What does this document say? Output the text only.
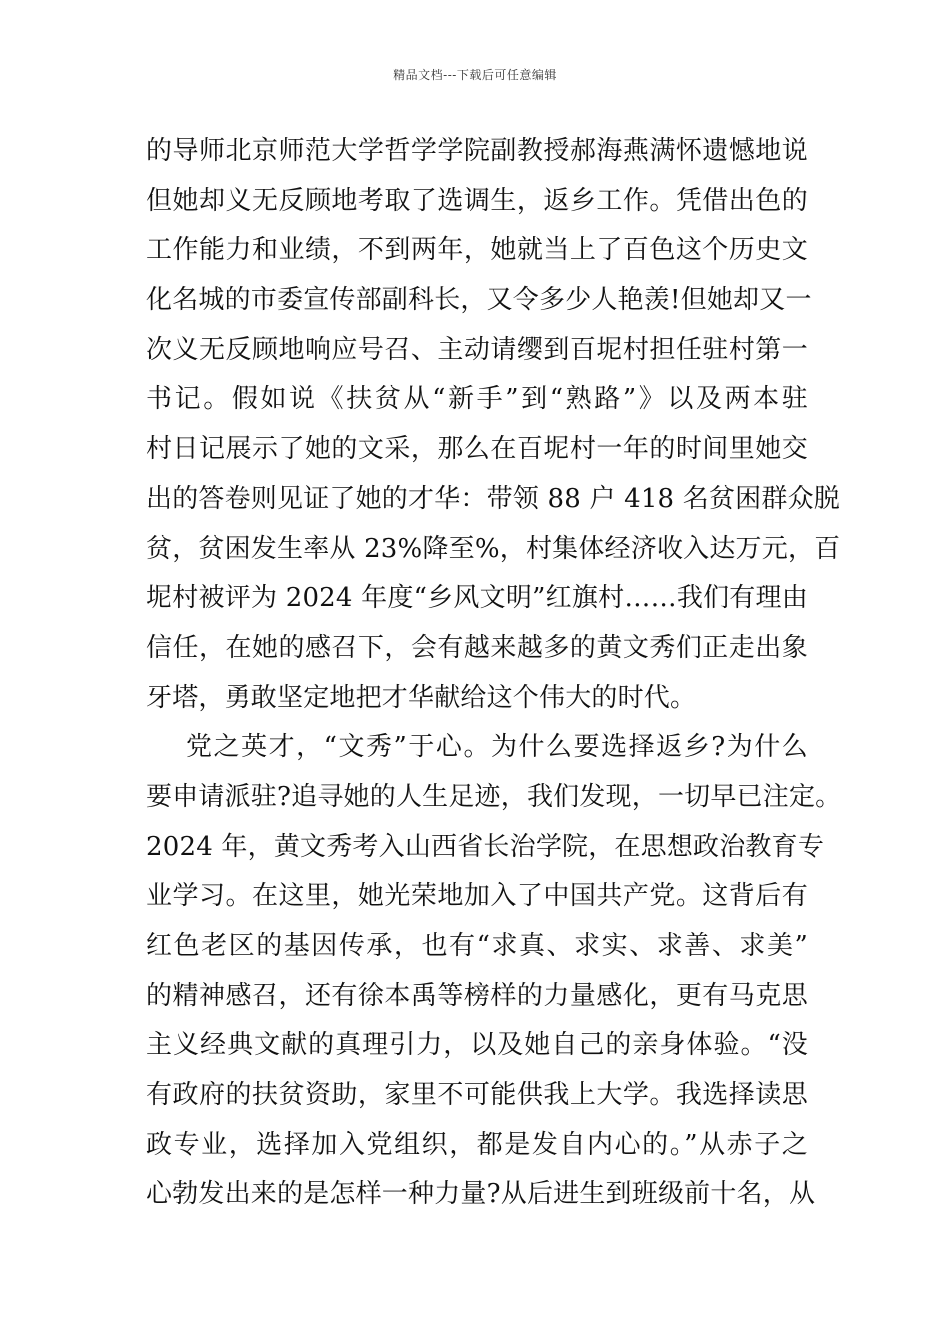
精品文档---下载后可任意编辑
的导师北京师范大学哲学学院副教授郝海燕满怀遗憾地说
但她却义无反顾地考取了选调生，返乡工作。凭借出色的
工作能力和业绩，不到两年，她就当上了百色这个历史文
化名城的市委宣传部副科长，又令多少人艳羡!但她却又一
次义无反顾地响应号召、主动请缨到百坭村担任驻村第一
书记。假如说《扶贫从“新手”到“熟路”》以及两本驻
村日记展示了她的文采，那么在百坭村一年的时间里她交
出的答卷则见证了她的才华：带领 88 户 418 名贫困群众脱
贫，贫困发生率从 23%降至%，村集体经济收入达万元，百
坭村被评为 2024 年度“乡风文明”红旗村……我们有理由
信任，在她的感召下，会有越来越多的黄文秀们正走出象
牙塔，勇敢坚定地把才华献给这个伟大的时代。
党之英才，“文秀”于心。为什么要选择返乡?为什么
要申请派驻?追寻她的人生足迹，我们发现，一切早已注定。
2024 年，黄文秀考入山西省长治学院，在思想政治教育专
业学习。在这里，她光荣地加入了中国共产党。这背后有
红色老区的基因传承，也有“求真、求实、求善、求美”
的精神感召，还有徐本禹等榜样的力量感化，更有马克思
主义经典文献的真理引力，以及她自己的亲身体验。“没
有政府的扶贫资助，家里不可能供我上大学。我选择读思
政专业，选择加入党组织，都是发自内心的。”从赤子之
心勃发出来的是怎样一种力量?从后进生到班级前十名，从
